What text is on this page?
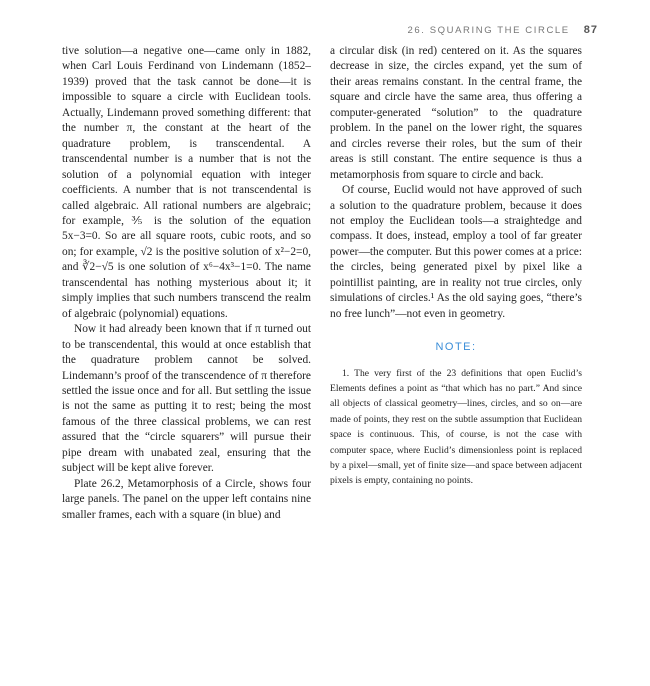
26. SQUARING THE CIRCLE 87

tive solution—a negative one—came only in 1882, when Carl Louis Ferdinand von Lindemann (1852–1939) proved that the task cannot be done—it is impossible to square a circle with Euclidean tools. Actually, Lindemann proved something different: that the number π, the constant at the heart of the quadrature problem, is transcendental. A transcendental number is a number that is not the solution of a polynomial equation with integer coefficients. A number that is not transcendental is called algebraic. All rational numbers are algebraic; for example, ⅗ is the solution of the equation 5x−3=0. So are all square roots, cubic roots, and so on; for example, √2 is the positive solution of x²−2=0, and ∛2−√5 is one solution of x⁶−4x³−1=0. The name transcendental has nothing mysterious about it; it simply implies that such numbers transcend the realm of algebraic (polynomial) equations.

Now it had already been known that if π turned out to be transcendental, this would at once establish that the quadrature problem cannot be solved. Lindemann’s proof of the transcendence of π therefore settled the issue once and for all. But settling the issue is not the same as putting it to rest; being the most famous of the three classical problems, we can rest assured that the “circle squarers” will pursue their pipe dream with unabated zeal, ensuring that the subject will be kept alive forever.

Plate 26.2, Metamorphosis of a Circle, shows four large panels. The panel on the upper left contains nine smaller frames, each with a square (in blue) and

a circular disk (in red) centered on it. As the squares decrease in size, the circles expand, yet the sum of their areas remains constant. In the central frame, the square and circle have the same area, thus offering a computer-generated “solution” to the quadrature problem. In the panel on the lower right, the squares and circles reverse their roles, but the sum of their areas is still constant. The entire sequence is thus a metamorphosis from square to circle and back.

Of course, Euclid would not have approved of such a solution to the quadrature problem, because it does not employ the Euclidean tools—a straightedge and compass. It does, instead, employ a tool of far greater power—the computer. But this power comes at a price: the circles, being generated pixel by pixel like a pointillist painting, are in reality not true circles, only simulations of circles.¹ As the old saying goes, “there’s no free lunch”—not even in geometry.

NOTE:

1. The very first of the 23 definitions that open Euclid’s Elements defines a point as “that which has no part.” And since all objects of classical geometry—lines, circles, and so on—are made of points, they rest on the subtle assumption that Euclidean space is continuous. This, of course, is not the case with computer space, where Euclid’s dimensionless point is replaced by a pixel—small, yet of finite size—and space between adjacent pixels is empty, containing no points.
